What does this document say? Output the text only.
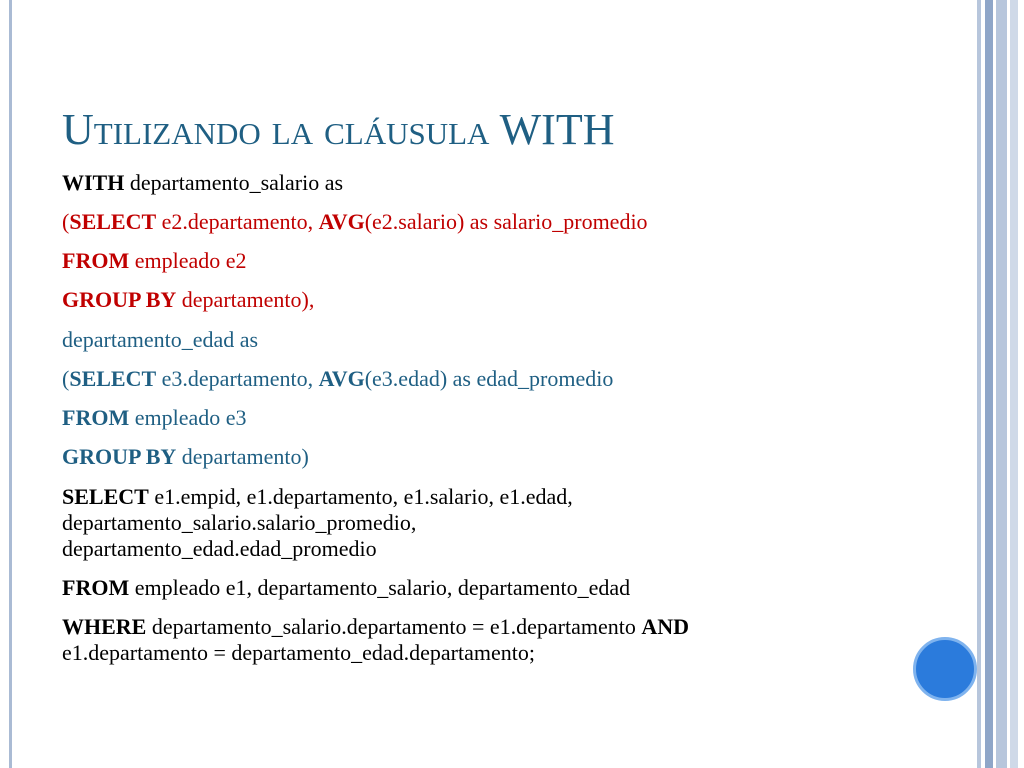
Utilizando la cláusula WITH
WITH departamento_salario as
(SELECT e2.departamento, AVG(e2.salario) as salario_promedio
FROM empleado e2
GROUP BY departamento),
departamento_edad as
(SELECT e3.departamento, AVG(e3.edad) as edad_promedio
FROM empleado e3
GROUP BY departamento)
SELECT e1.empid, e1.departamento, e1.salario, e1.edad,
departamento_salario.salario_promedio,
departamento_edad.edad_promedio
FROM empleado e1, departamento_salario, departamento_edad
WHERE departamento_salario.departamento = e1.departamento AND
e1.departamento = departamento_edad.departamento;
